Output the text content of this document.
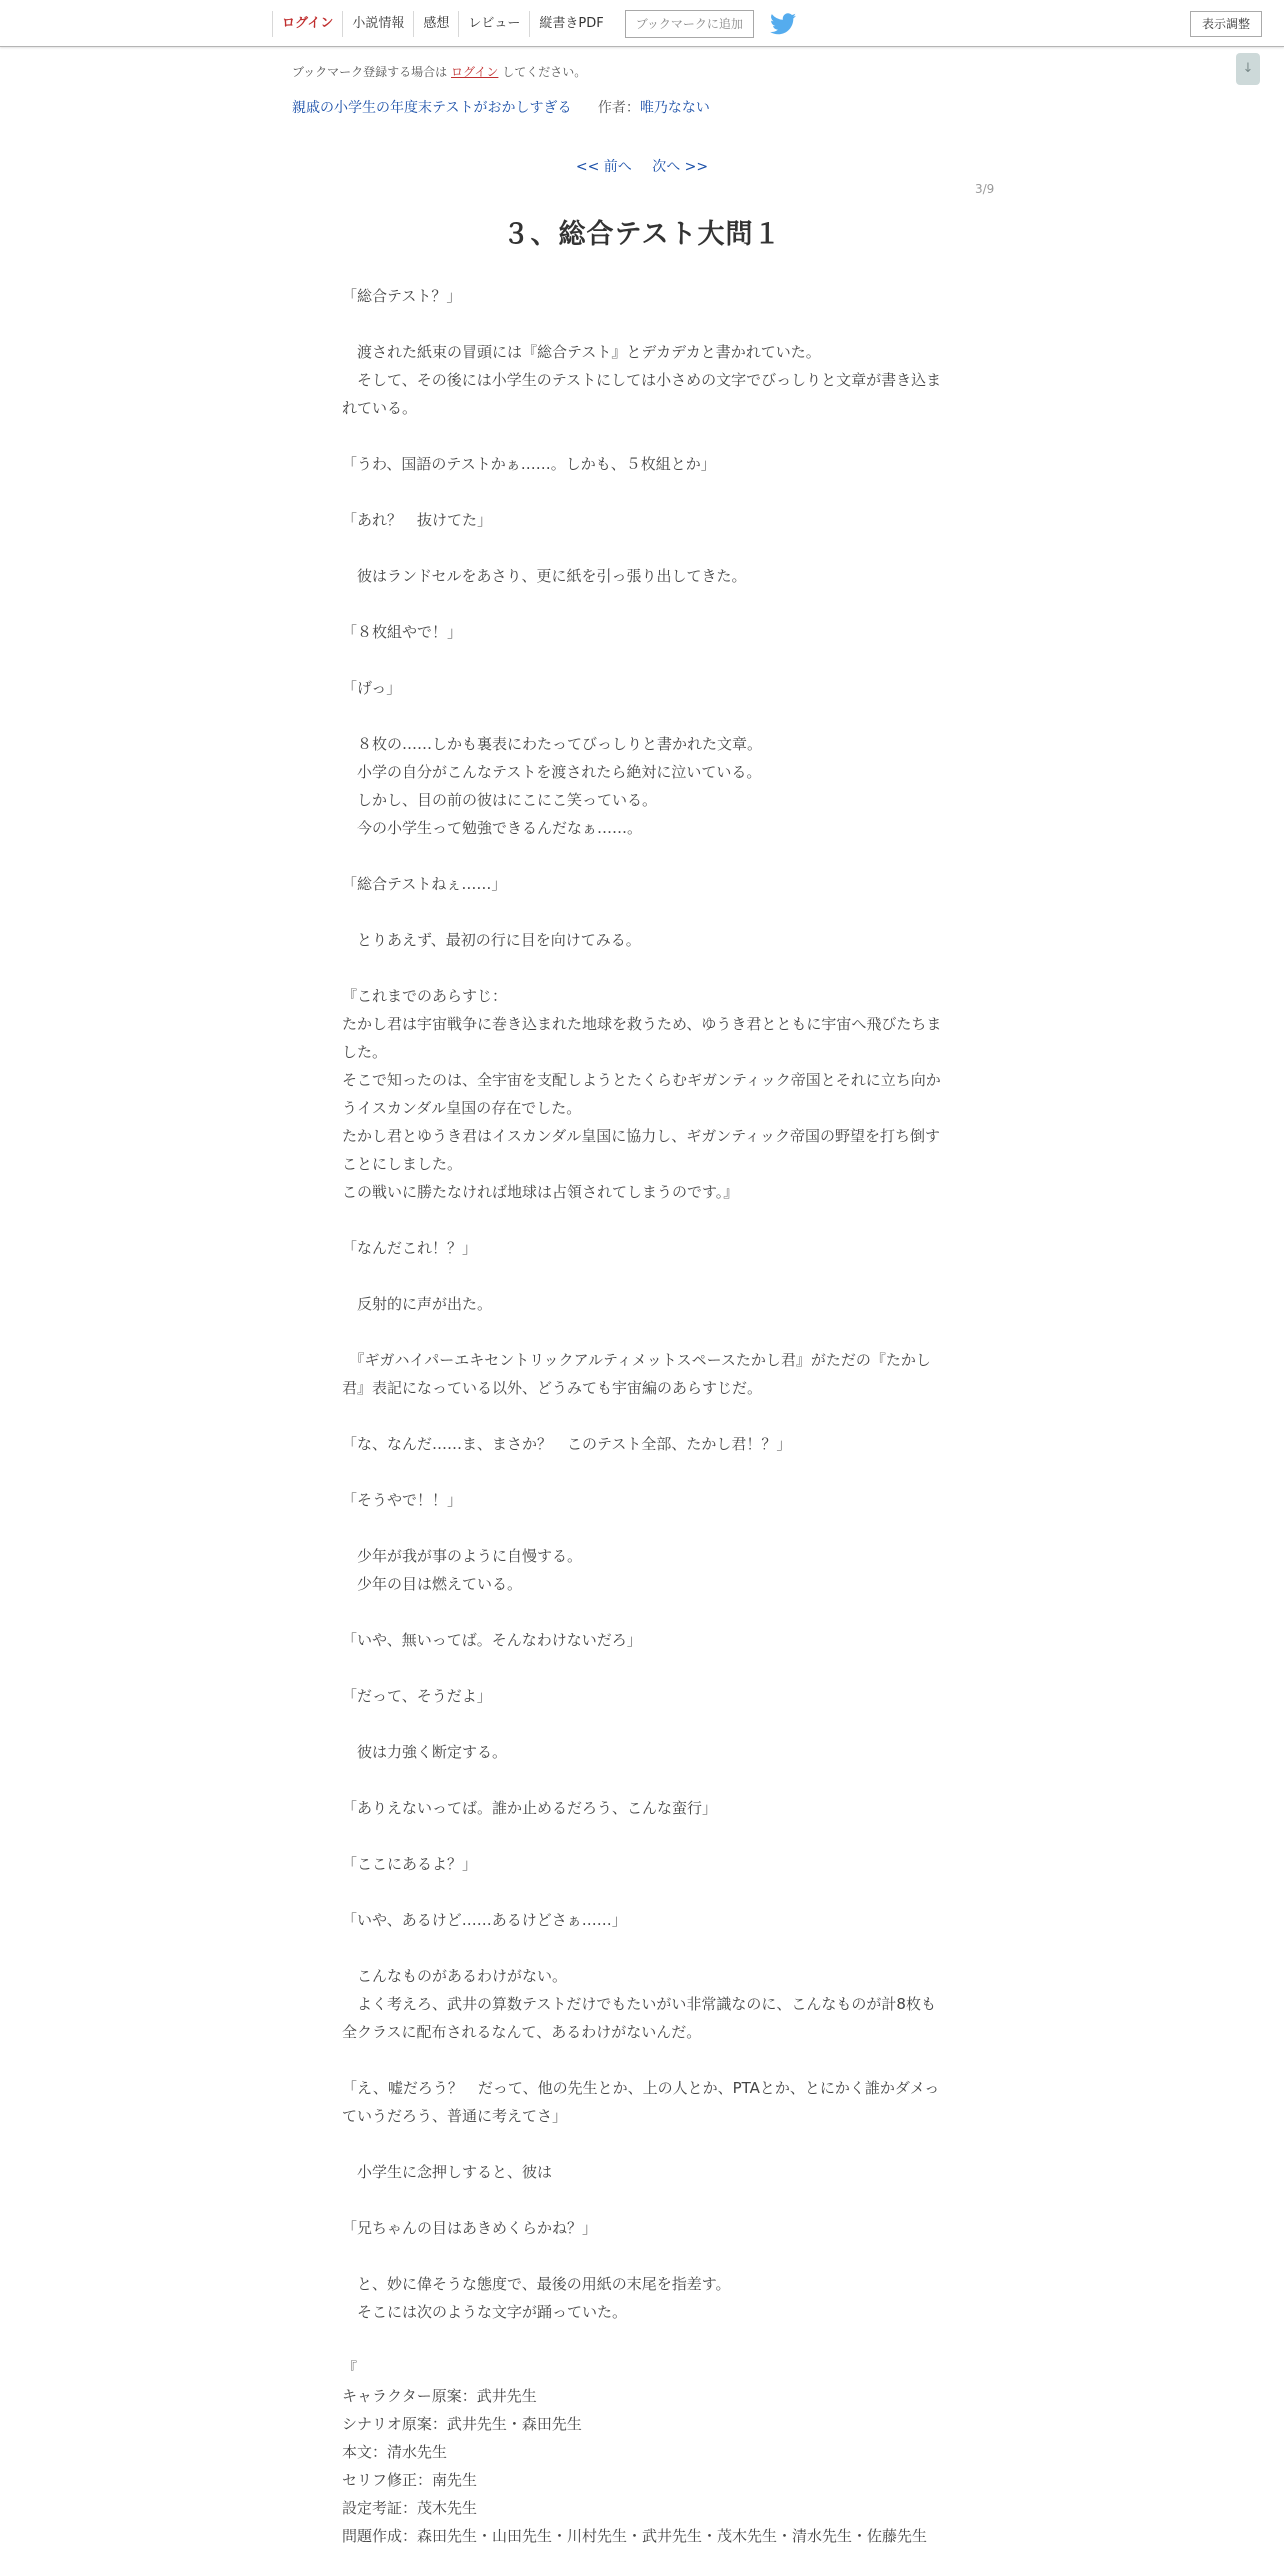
ログイン	小説情報	感想	レビュー	縦書きPDF	ブックマークに追加	表示調整
↓
ブックマーク登録する場合は ログイン してください。
親戚の小学生の年度末テストがおかしすぎる 作者：唯乃なない
<< 前へ 次へ >>
3/9
３、総合テスト大問１

「総合テスト？」

　渡された紙束の冒頭には『総合テスト』とデカデカと書かれていた。

　そして、その後には小学生のテストにしては小さめの文字でびっしりと文章が書き込まれている。

「うわ、国語のテストかぁ……。しかも、５枚組とか」

「あれ？　抜けてた」

　彼はランドセルをあさり、更に紙を引っ張り出してきた。

「８枚組やで！」

「げっ」

　８枚の……しかも裏表にわたってびっしりと書かれた文章。

　小学の自分がこんなテストを渡されたら絶対に泣いている。

　しかし、目の前の彼はにこにこ笑っている。

　今の小学生って勉強できるんだなぁ……。

「総合テストねぇ……」

　とりあえず、最初の行に目を向けてみる。

『これまでのあらすじ：

たかし君は宇宙戦争に巻き込まれた地球を救うため、ゆうき君とともに宇宙へ飛びたちました。

そこで知ったのは、全宇宙を支配しようとたくらむギガンティック帝国とそれに立ち向かうイスカンダル皇国の存在でした。

たかし君とゆうき君はイスカンダル皇国に協力し、ギガンティック帝国の野望を打ち倒すことにしました。

この戦いに勝たなければ地球は占領されてしまうのです。』

「なんだこれ！？」

　反射的に声が出た。

　『ギガハイパーエキセントリックアルティメットスペースたかし君』がただの『たかし君』表記になっている以外、どうみても宇宙編のあらすじだ。

「な、なんだ……ま、まさか？　このテスト全部、たかし君！？」

「そうやで！！」

　少年が我が事のように自慢する。

　少年の目は燃えている。

「いや、無いってば。そんなわけないだろ」

「だって、そうだよ」

　彼は力強く断定する。

「ありえないってば。誰か止めるだろう、こんな蛮行」

「ここにあるよ？」

「いや、あるけど……あるけどさぁ……」

　こんなものがあるわけがない。

　よく考えろ、武井の算数テストだけでもたいがい非常識なのに、こんなものが計8枚も全クラスに配布されるなんて、あるわけがないんだ。

「え、嘘だろう？　だって、他の先生とか、上の人とか、PTAとか、とにかく誰かダメっていうだろう、普通に考えてさ」

　小学生に念押しすると、彼は

「兄ちゃんの目はあきめくらかね？」

　と、妙に偉そうな態度で、最後の用紙の末尾を指差す。

　そこには次のような文字が踊っていた。

『

キャラクター原案：武井先生

シナリオ原案：武井先生・森田先生

本文：清水先生

セリフ修正：南先生

設定考証：茂木先生

問題作成：森田先生・山田先生・川村先生・武井先生・茂木先生・清水先生・佐藤先生
